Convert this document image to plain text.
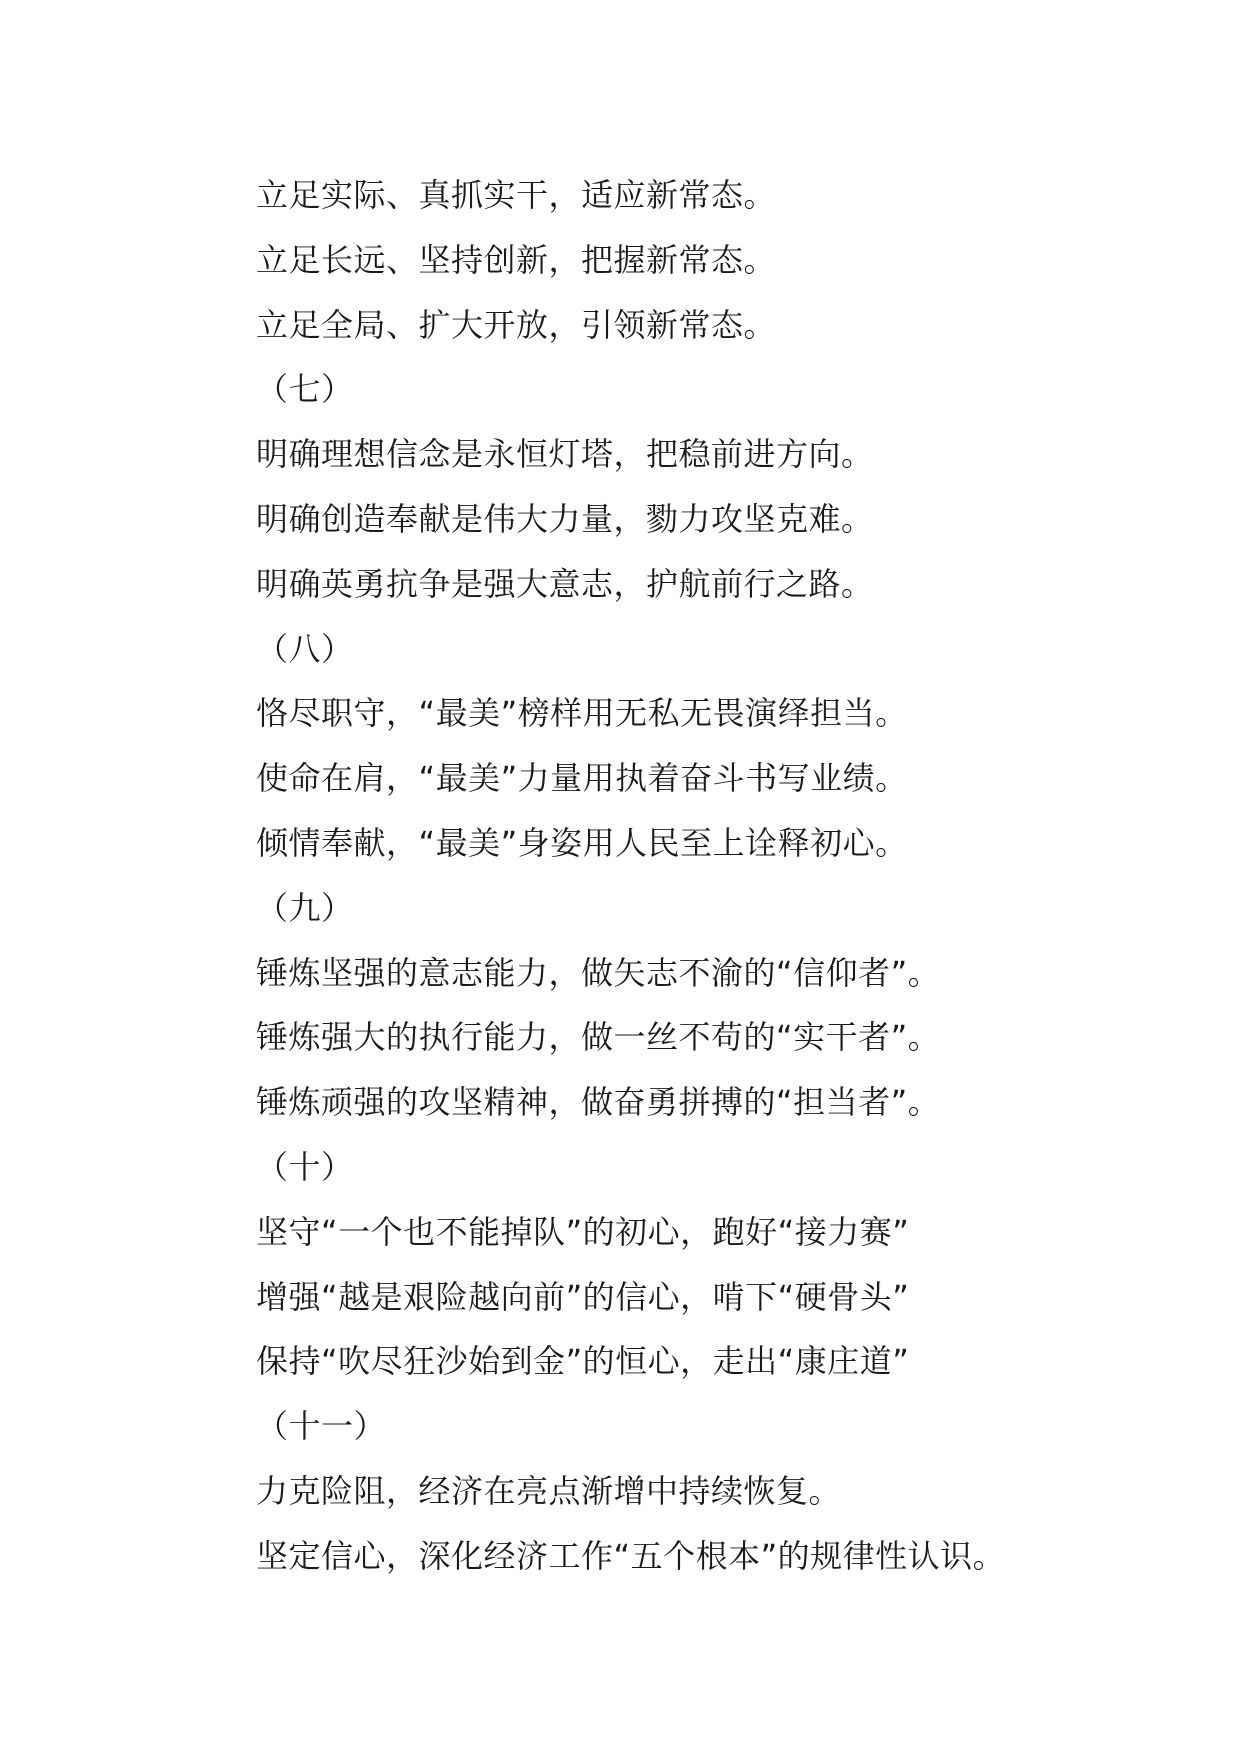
立足实际、真抓实干，适应新常态。
立足长远、坚持创新，把握新常态。
立足全局、扩大开放，引领新常态。
（七）
明确理想信念是永恒灯塔，把稳前进方向。
明确创造奉献是伟大力量，勠力攻坚克难。
明确英勇抗争是强大意志，护航前行之路。
（八）
恪尽职守，“最美”榜样用无私无畏演绎担当。
使命在肩，“最美”力量用执着奋斗书写业绩。
倾情奉献，“最美”身姿用人民至上诠释初心。
（九）
锤炼坚强的意志能力，做矢志不渝的“信仰者”。
锤炼强大的执行能力，做一丝不苟的“实干者”。
锤炼顽强的攻坚精神，做奋勇拼搏的“担当者”。
（十）
坚守“一个也不能掉队”的初心，跑好“接力赛”
增强“越是艰险越向前”的信心，啃下“硬骨头”
保持“吹尽狂沙始到金”的恒心，走出“康庄道”
（十一）
力克险阻，经济在亮点渐增中持续恢复。
坚定信心，深化经济工作“五个根本”的规律性认识。
